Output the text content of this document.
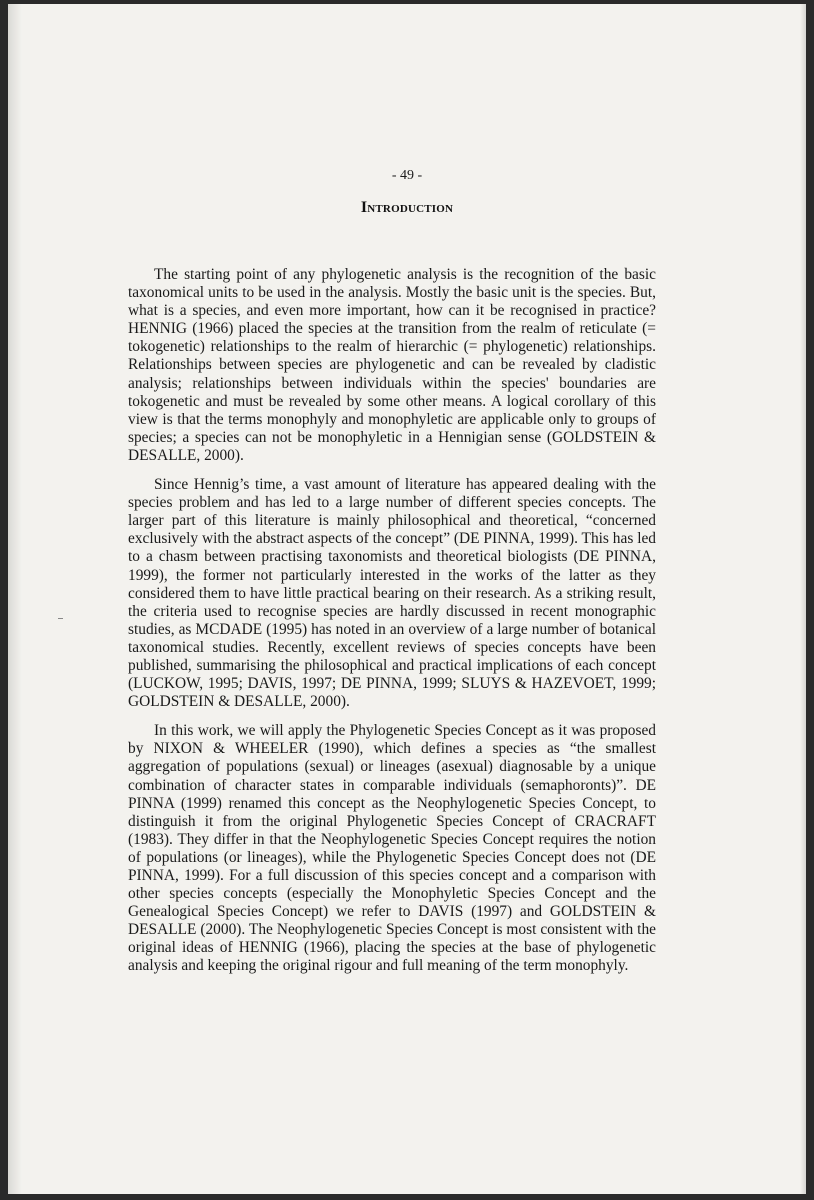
- 49 -
Introduction

The starting point of any phylogenetic analysis is the recognition of the basic taxonomical units to be used in the analysis. Mostly the basic unit is the species. But, what is a species, and even more important, how can it be recognised in practice? HENNIG (1966) placed the species at the transition from the realm of reticulate (= tokogenetic) relationships to the realm of hierarchic (= phylogenetic) relationships. Relationships between species are phylogenetic and can be revealed by cladistic analysis; relationships between individuals within the species' boundaries are tokogenetic and must be revealed by some other means. A logical corollary of this view is that the terms monophyly and monophyletic are applicable only to groups of species; a species can not be monophyletic in a Hennigian sense (GOLDSTEIN & DESALLE, 2000).

Since Hennig’s time, a vast amount of literature has appeared dealing with the species problem and has led to a large number of different species concepts. The larger part of this literature is mainly philosophical and theoretical, “concerned exclusively with the abstract aspects of the concept” (DE PINNA, 1999). This has led to a chasm between practising taxonomists and theoretical biologists (DE PINNA, 1999), the former not particularly interested in the works of the latter as they considered them to have little practical bearing on their research. As a striking result, the criteria used to recognise species are hardly discussed in recent monographic studies, as MCDADE (1995) has noted in an overview of a large number of botanical taxonomical studies. Recently, excellent reviews of species concepts have been published, summarising the philosophical and practical implications of each concept (LUCKOW, 1995; DAVIS, 1997; DE PINNA, 1999; SLUYS & HAZEVOET, 1999; GOLDSTEIN & DESALLE, 2000).

In this work, we will apply the Phylogenetic Species Concept as it was proposed by NIXON & WHEELER (1990), which defines a species as “the smallest aggregation of populations (sexual) or lineages (asexual) diagnosable by a unique combination of character states in comparable individuals (semaphoronts)”. DE PINNA (1999) renamed this concept as the Neophylogenetic Species Concept, to distinguish it from the original Phylogenetic Species Concept of CRACRAFT (1983). They differ in that the Neophylogenetic Species Concept requires the notion of populations (or lineages), while the Phylogenetic Species Concept does not (DE PINNA, 1999). For a full discussion of this species concept and a comparison with other species concepts (especially the Monophyletic Species Concept and the Genealogical Species Concept) we refer to DAVIS (1997) and GOLDSTEIN & DESALLE (2000). The Neophylogenetic Species Concept is most consistent with the original ideas of HENNIG (1966), placing the species at the base of phylogenetic analysis and keeping the original rigour and full meaning of the term monophyly.
